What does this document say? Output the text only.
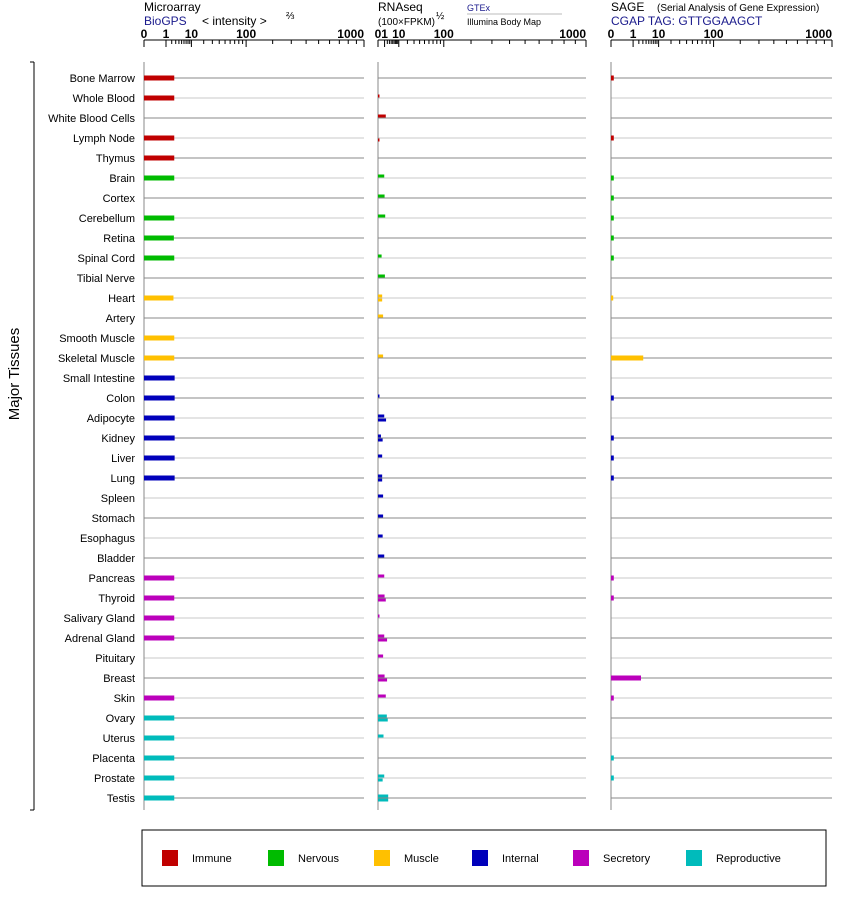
0 1 10	100	1000 0 1 10 100	1000 0 1 10	100	1000
Bone Marrow
Whole Blood
White Blood Cells
Lymph Node
Thymus
Brain
Cortex
Cerebellum
Retina
Spinal Cord
Tibial Nerve
Heart
Artery
Smooth Muscle
Skeletal Muscle
Small Intestine
Colon
Adipocyte
Kidney
Liver
Lung
Spleen
Stomach
Esophagus
Bladder
Pancreas
Thyroid
Salivary Gland
Adrenal Gland
Pituitary
Breast
Skin
Ovary
Uterus
Placenta
Prostate
Testis
Microarray
BioGPS < intensity > ⅔
RNAseq
(100×FPKM)
½
GTEx
Illumina Body Map
SAGE (Serial Analysis of Gene Expression)
CGAP TAG: GTTGGAAGCT
Major Tissues
Immune	Nervous	Muscle	Internal	Secretory	Reproductive
